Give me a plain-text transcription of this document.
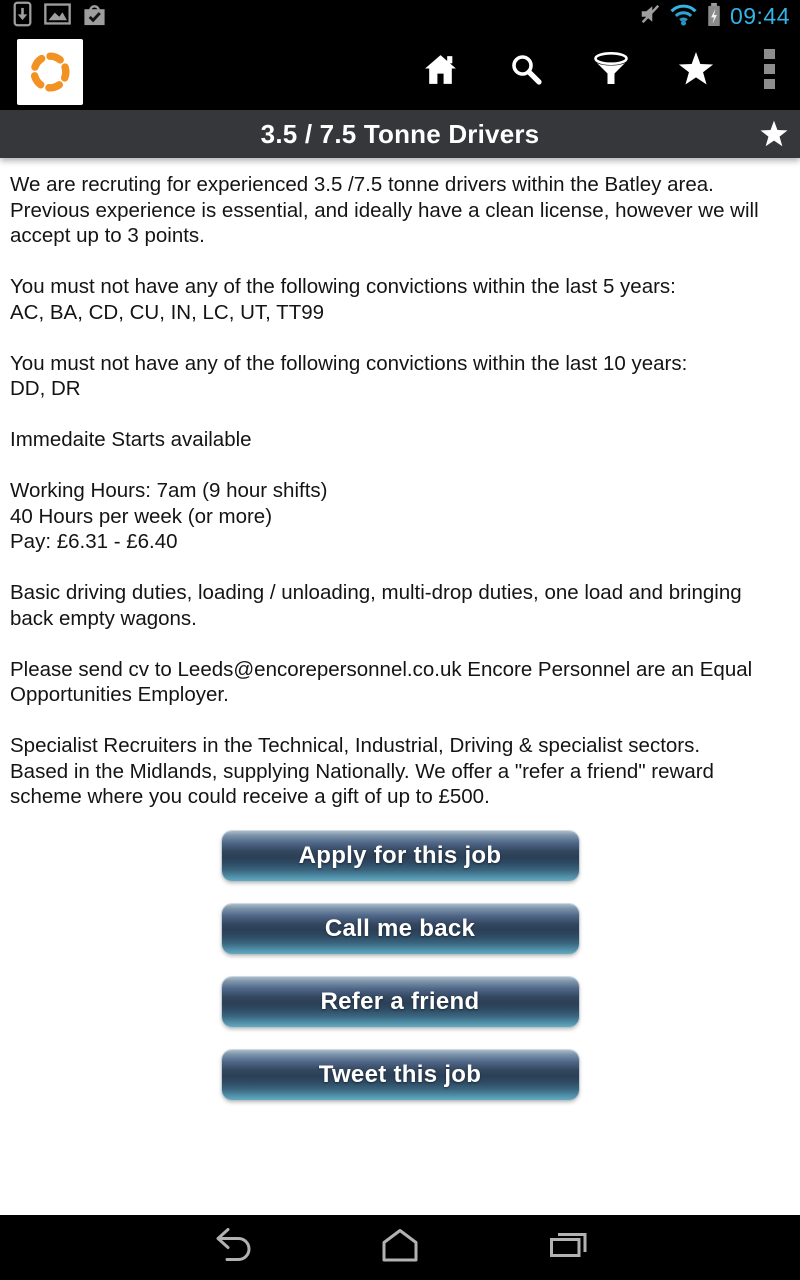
09:44
3.5 / 7.5 Tonne Drivers
We are recruting for experienced 3.5 /7.5 tonne drivers within the Batley area.
Previous experience is essential, and ideally have a clean license, however we will
accept up to 3 points.

You must not have any of the following convictions within the last 5 years:
AC, BA, CD, CU, IN, LC, UT, TT99

You must not have any of the following convictions within the last 10 years:
DD, DR

Immedaite Starts available

Working Hours: 7am (9 hour shifts)
40 Hours per week (or more)
Pay: £6.31 - £6.40

Basic driving duties, loading / unloading, multi-drop duties, one load and bringing
back empty wagons.

Please send cv to Leeds@encorepersonnel.co.uk Encore Personnel are an Equal
Opportunities Employer.

Specialist Recruiters in the Technical, Industrial, Driving & specialist sectors.
Based in the Midlands, supplying Nationally. We offer a "refer a friend" reward
scheme where you could receive a gift of up to £500.
Apply for this job
Call me back
Refer a friend
Tweet this job
